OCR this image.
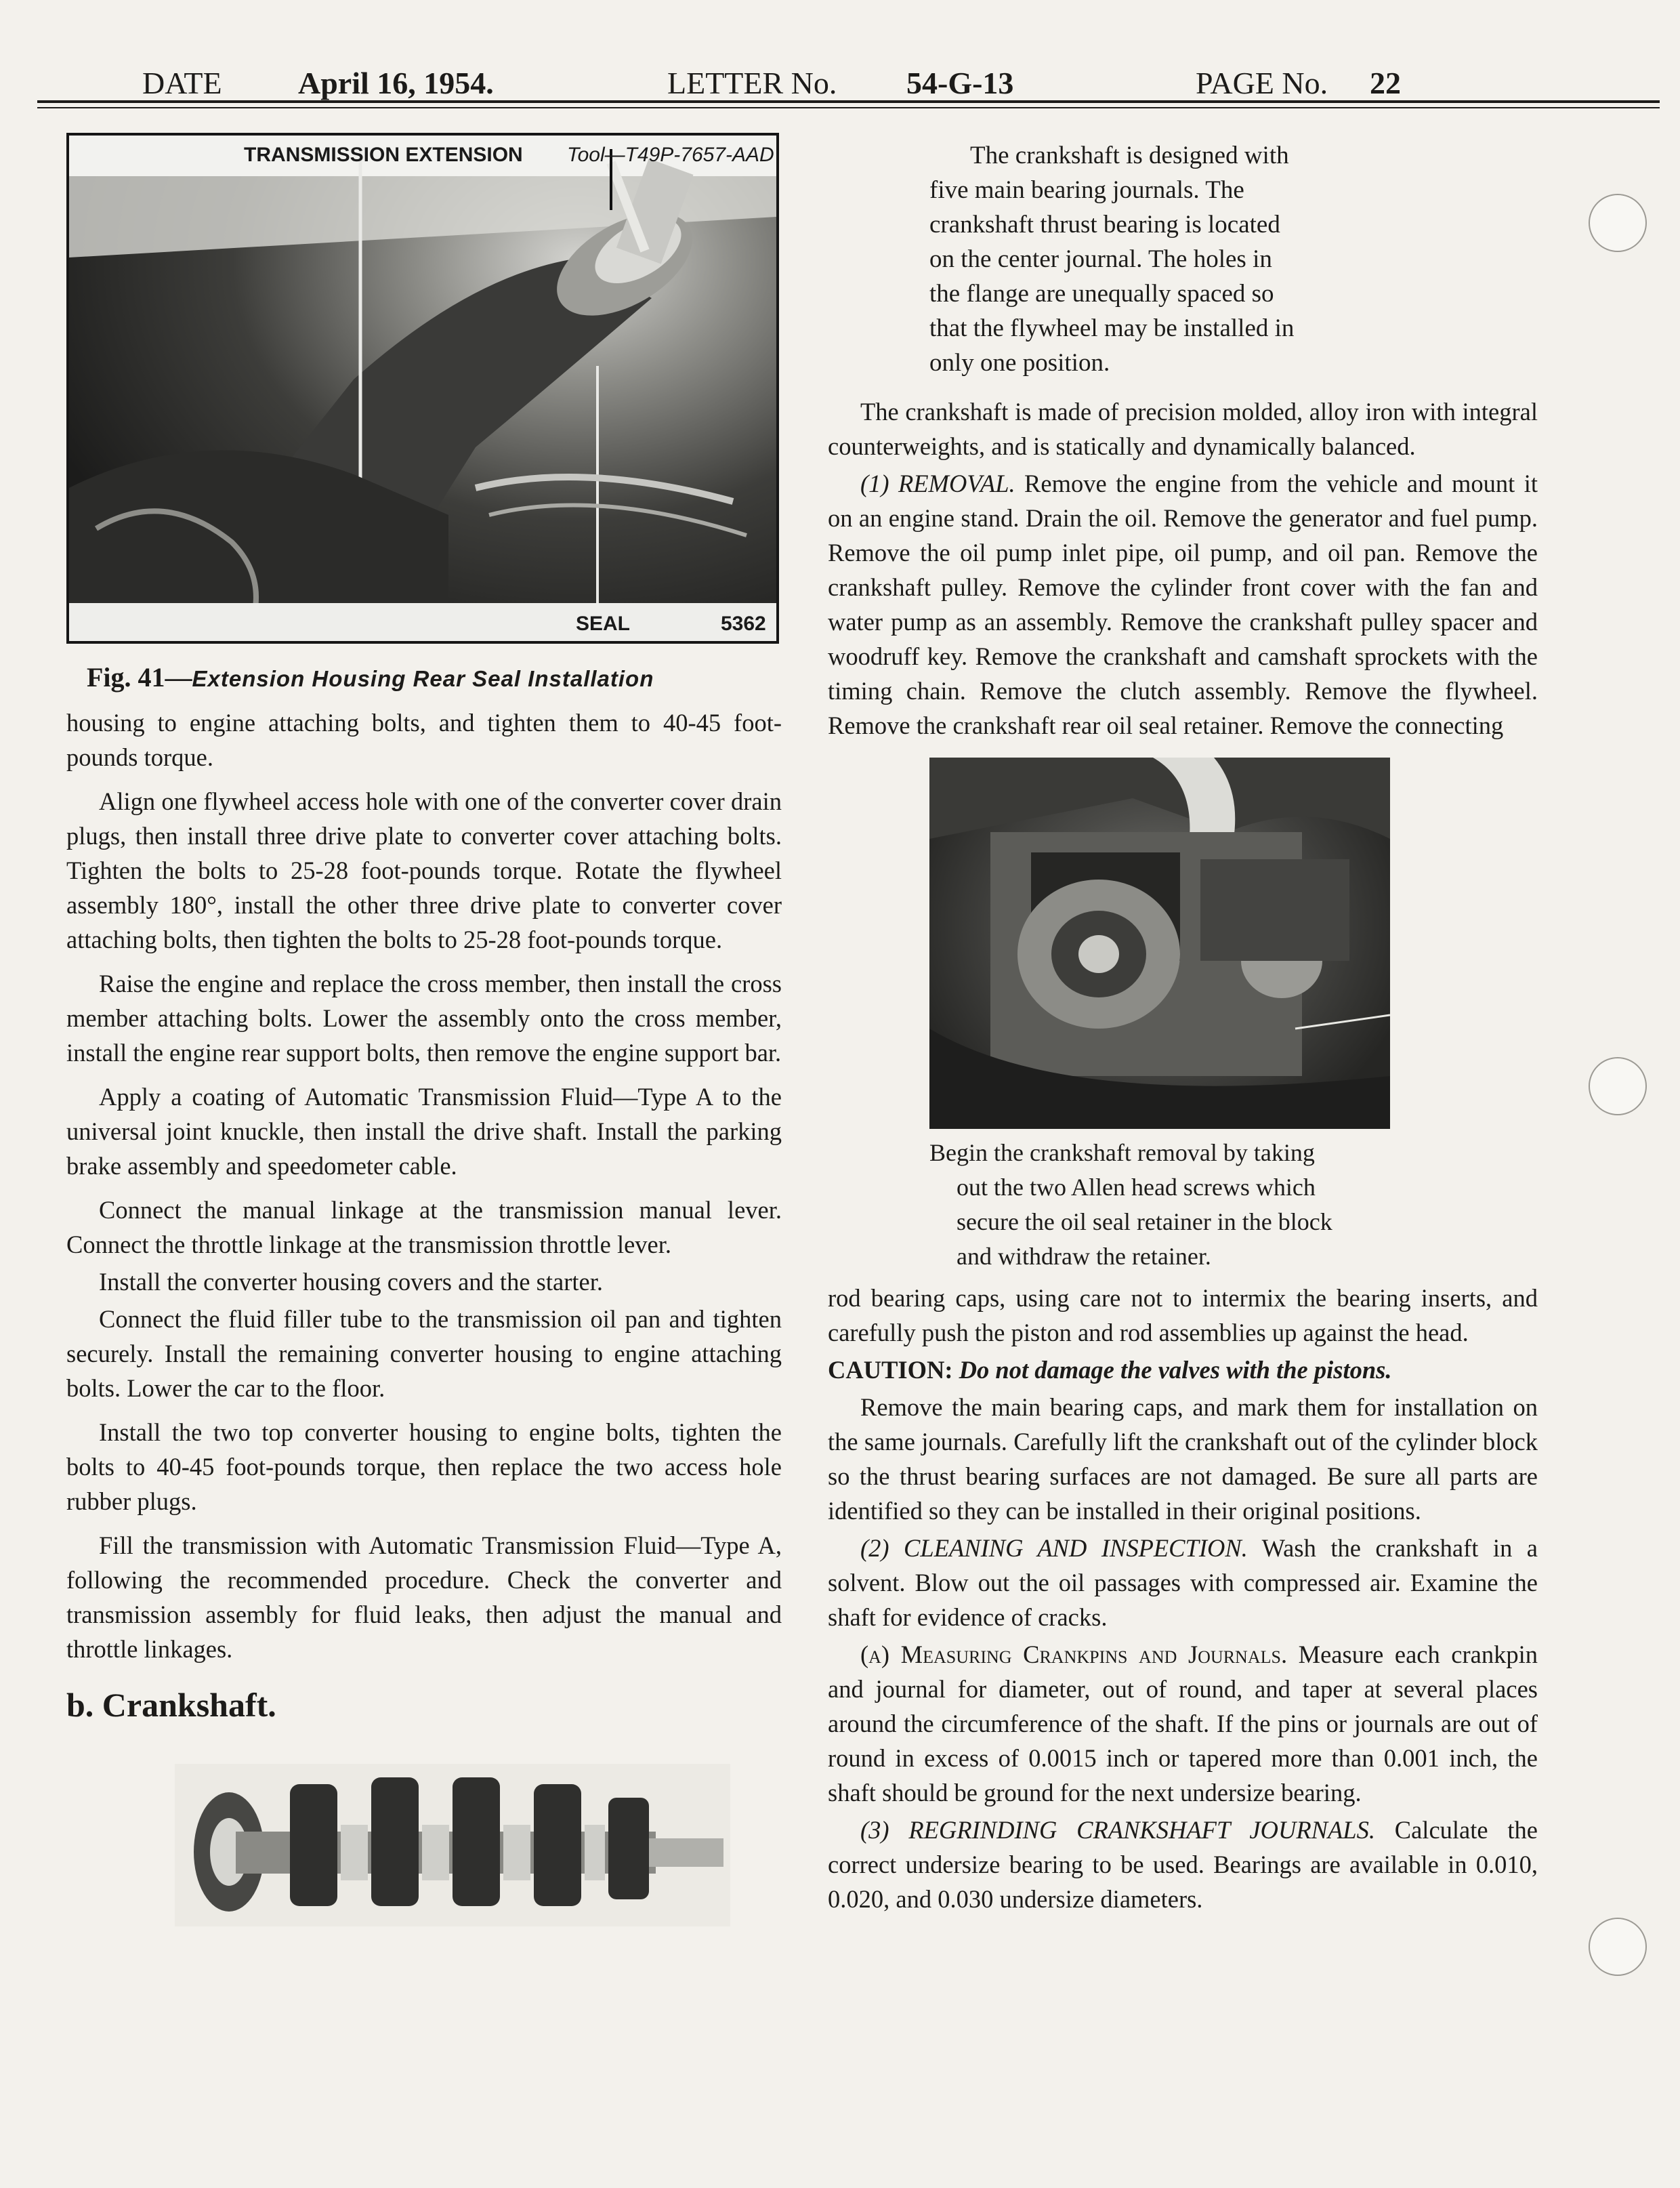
DATE April 16, 1954.	LETTER No. 54-G-13	PAGE No. 22
TRANSMISSION EXTENSION Tool—T49P-7657-AAD
SEAL	5362
Fig. 41—Extension Housing Rear Seal Installation

housing to engine attaching bolts, and tighten them to 40-45 foot-pounds torque.

Align one flywheel access hole with one of the converter cover drain plugs, then install three drive plate to converter cover attaching bolts. Tighten the bolts to 25-28 foot-pounds torque. Rotate the flywheel assembly 180°, install the other three drive plate to converter cover attaching bolts, then tighten the bolts to 25-28 foot-pounds torque.

Raise the engine and replace the cross member, then install the cross member attaching bolts. Lower the assembly onto the cross member, install the engine rear support bolts, then remove the engine support bar.

Apply a coating of Automatic Transmission Fluid—Type A to the universal joint knuckle, then install the drive shaft. Install the parking brake assembly and speedometer cable.

Connect the manual linkage at the transmission manual lever. Connect the throttle linkage at the transmission throttle lever.

Install the converter housing covers and the starter.

Connect the fluid filler tube to the transmission oil pan and tighten securely. Install the remaining converter housing to engine attaching bolts. Lower the car to the floor.

Install the two top converter housing to engine bolts, tighten the bolts to 40-45 foot-pounds torque, then replace the two access hole rubber plugs.

Fill the transmission with Automatic Transmission Fluid—Type A, following the recommended procedure. Check the converter and transmission assembly for fluid leaks, then adjust the manual and throttle linkages.

b. Crankshaft.
The crankshaft is designed with
five main bearing journals. The
crankshaft thrust bearing is located
on the center journal. The holes in
the flange are unequally spaced so
that the flywheel may be installed in
only one position.

The crankshaft is made of precision molded, alloy iron with integral counterweights, and is statically and dynamically balanced.

(1) REMOVAL. Remove the engine from the vehicle and mount it on an engine stand. Drain the oil. Remove the generator and fuel pump. Remove the oil pump inlet pipe, oil pump, and oil pan. Remove the crankshaft pulley. Remove the cylinder front cover with the fan and water pump as an assembly. Remove the crankshaft pulley spacer and woodruff key. Remove the crankshaft and camshaft sprockets with the timing chain. Remove the clutch assembly. Remove the flywheel. Remove the crankshaft rear oil seal retainer. Remove the connecting

Begin the crankshaft removal by taking
out the two Allen head screws which
secure the oil seal retainer in the block
and withdraw the retainer.

rod bearing caps, using care not to intermix the bearing inserts, and carefully push the piston and rod assemblies up against the head.

CAUTION: Do not damage the valves with the pistons.

Remove the main bearing caps, and mark them for installation on the same journals. Carefully lift the crankshaft out of the cylinder block so the thrust bearing surfaces are not damaged. Be sure all parts are identified so they can be installed in their original positions.

(2) CLEANING AND INSPECTION. Wash the crankshaft in a solvent. Blow out the oil passages with compressed air. Examine the shaft for evidence of cracks.

(a) Measuring Crankpins and Journals. Measure each crankpin and journal for diameter, out of round, and taper at several places around the circumference of the shaft. If the pins or journals are out of round in excess of 0.0015 inch or tapered more than 0.001 inch, the shaft should be ground for the next undersize bearing.

(3) REGRINDING CRANKSHAFT JOURNALS. Calculate the correct undersize bearing to be used. Bearings are available in 0.010, 0.020, and 0.030 undersize diameters.
